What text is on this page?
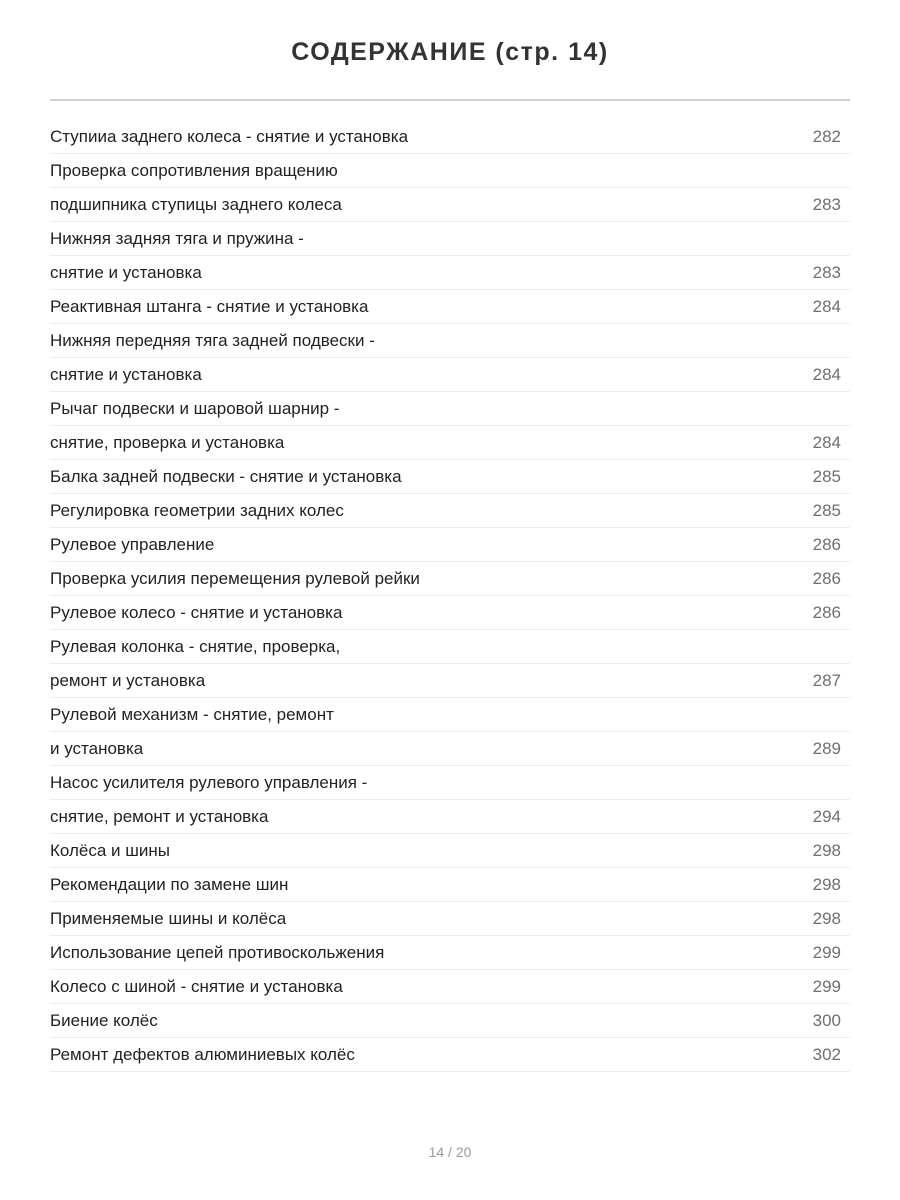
СОДЕРЖАНИЕ (стр. 14)
Ступииа заднего колеса - снятие и установка	282
Проверка сопротивления вращению
подшипника ступицы заднего колеса	283
Нижняя задняя тяга и пружина -
снятие и установка	283
Реактивная штанга - снятие и установка	284
Нижняя передняя тяга задней подвески -
снятие и установка	284
Рычаг подвески и шаровой шарнир -
снятие, проверка и установка	284
Балка задней подвески - снятие и установка	285
Регулировка геометрии задних колес	285
Рулевое управление	286
Проверка усилия перемещения рулевой рейки	286
Рулевое колесо - снятие и установка	286
Рулевая колонка - снятие, проверка,
ремонт и установка	287
Рулевой механизм - снятие, ремонт
и установка	289
Насос усилителя рулевого управления -
снятие, ремонт и установка	294
Колёса и шины	298
Рекомендации по замене шин	298
Применяемые шины и колёса	298
Использование цепей противоскольжения	299
Колесо с шиной - снятие и установка	299
Биение колёс	300
Ремонт дефектов алюминиевых колёс	302
14 / 20
